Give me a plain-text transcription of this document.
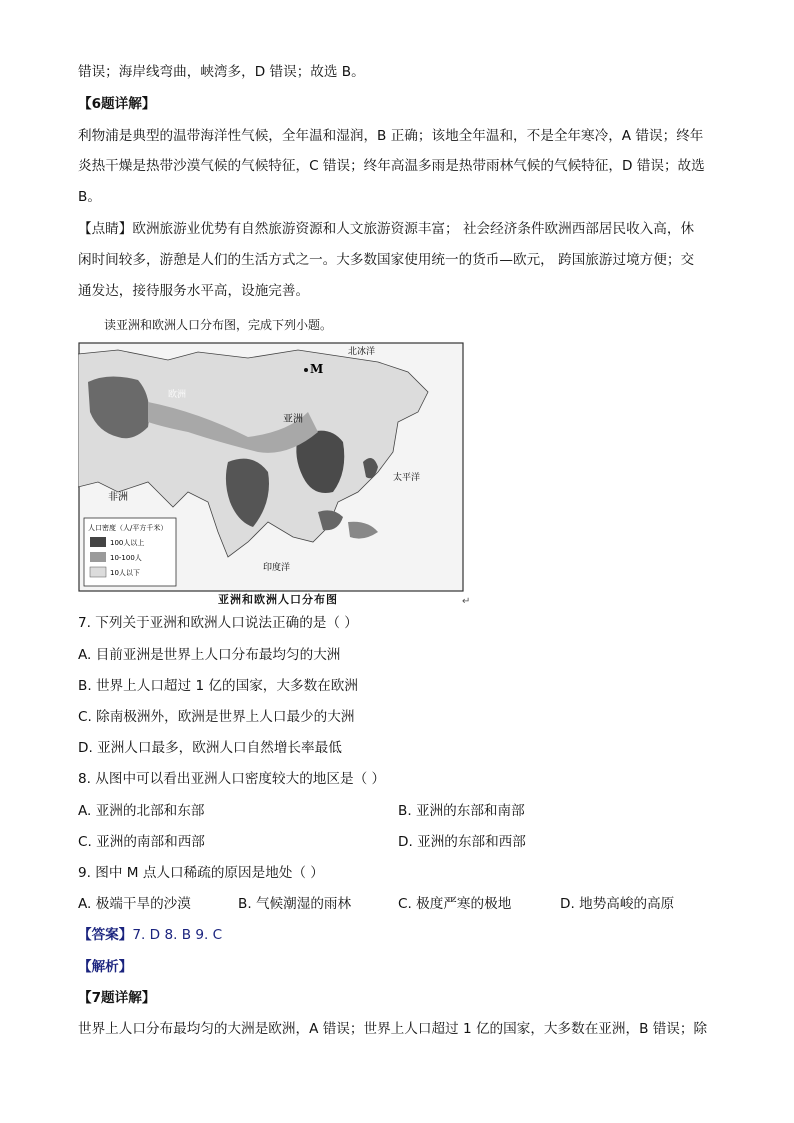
错误；海岸线弯曲，峡湾多，D 错误；故选 B。
【6题详解】
利物浦是典型的温带海洋性气候，全年温和湿润，B 正确；该地全年温和，不是全年寒冷，A 错误；终年
炎热干燥是热带沙漠气候的气候特征，C 错误；终年高温多雨是热带雨林气候的气候特征，D 错误；故选
B。
【点睛】欧洲旅游业优势有自然旅游资源和人文旅游资源丰富； 社会经济条件欧洲西部居民收入高，休
闲时间较多，游憩是人们的生活方式之一。大多数国家使用统一的货币—欧元， 跨国旅游过境方便；交
通发达，接待服务水平高，设施完善。
读亚洲和欧洲人口分布图，完成下列小题。
M
北冰洋
欧洲
亚洲
太平洋
非洲
印度洋
人口密度（人/平方千米）
100人以上
10-100人
10人以下
亚洲和欧洲人口分布图	↵
7. 下列关于亚洲和欧洲人口说法正确的是（ ）
A. 目前亚洲是世界上人口分布最均匀的大洲
B. 世界上人口超过 1 亿的国家，大多数在欧洲
C. 除南极洲外，欧洲是世界上人口最少的大洲
D. 亚洲人口最多，欧洲人口自然增长率最低
8. 从图中可以看出亚洲人口密度较大的地区是（ ）
A. 亚洲的北部和东部	B. 亚洲的东部和南部
C. 亚洲的南部和西部	D. 亚洲的东部和西部
9. 图中 M 点人口稀疏的原因是地处（ ）
A. 极端干旱的沙漠	B. 气候潮湿的雨林	C. 极度严寒的极地	D. 地势高峻的高原
【答案】7. D 8. B 9. C
【解析】
【7题详解】
世界上人口分布最均匀的大洲是欧洲，A 错误；世界上人口超过 1 亿的国家，大多数在亚洲，B 错误；除
